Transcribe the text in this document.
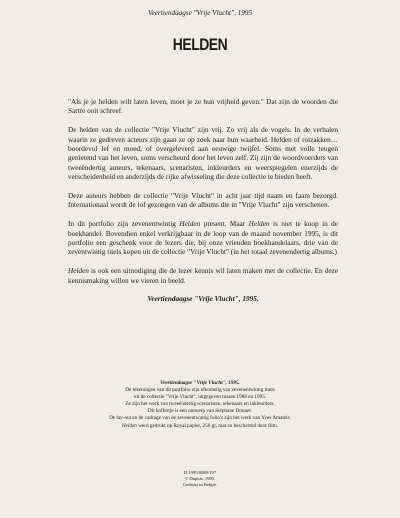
Veertiendaagse "Vrije Vlucht", 1995
HELDEN

"Als je je helden wilt laten leven, moet je ze hun vrijheid geven." Dat zijn de woorden die Sartre ooit schreef.

De helden van de collectie "Vrije Vlucht" zijn vrij. Zo vrij als de vogels. In de verhalen waarin ze gedreven acteurs zijn gaan ze op zoek naar hun waarheid. Helden of rotzakken… boordevol lef en moed, of overgeleverd aan eeuwige twijfel. Soms met volle teugen genietend van het leven, soms verscheurd door het leven zelf. Zij zijn de woordvoerders van tweeëndertig auteurs, tekenaars, scenaristen, inkleurders en weerspiegelen enerzijds de verscheidenheid en anderzijds de rijke afwisseling die deze collectie te bieden heeft.

Deze auteurs hebben de collectie "Vrije Vlucht" in acht jaar tijd naam en faam bezorgd. Internationaal wordt de lof gezongen van de albums die in "Vrije Vlucht" zijn verschenen.

In dit portfolio zijn zevenentwintig Helden present. Maar Helden is niet te koop in de boekhandel. Bovendien enkel verkrijgbaar in de loop van de maand november 1995, is dit portfolio een geschenk voor de lezers die, bij onze vrienden boekhandelaars, drie van de zeventwintig titels kopen uit de collectie "Vrije Vlucht" (in het totaal zevenendertig albums.)

Helden is ook een uitnodiging die de lezer kennis wil laten maken met de collectie. En deze kennismaking willen we vieren in beeld.

Veertiendaagse "Vrije Vlucht", 1995.

Veertiendaagse "Vrije Vlucht", 1995.
De tekeningen van dit portfolio zijn afkomstig van zevenentwintig titels
uit de collectie "Vrije Vlucht", uitgegeven tussen 1988 en 1995.
Ze zijn het werk van tweeëndertig scenaristen, tekenaars en inkleurders.
Dit koffertje is een ontwerp van Stéphane Donnet.
De lay-out en de cadrage van de zevenentwintig folio's zijn het werk van Yves Amateis.
Helden werd gedrukt op Royal papier, 250 gr, mat en beschermd door film.
D.1995/0089/197
© Dupuis, 1995.
Gedrukt in België.
